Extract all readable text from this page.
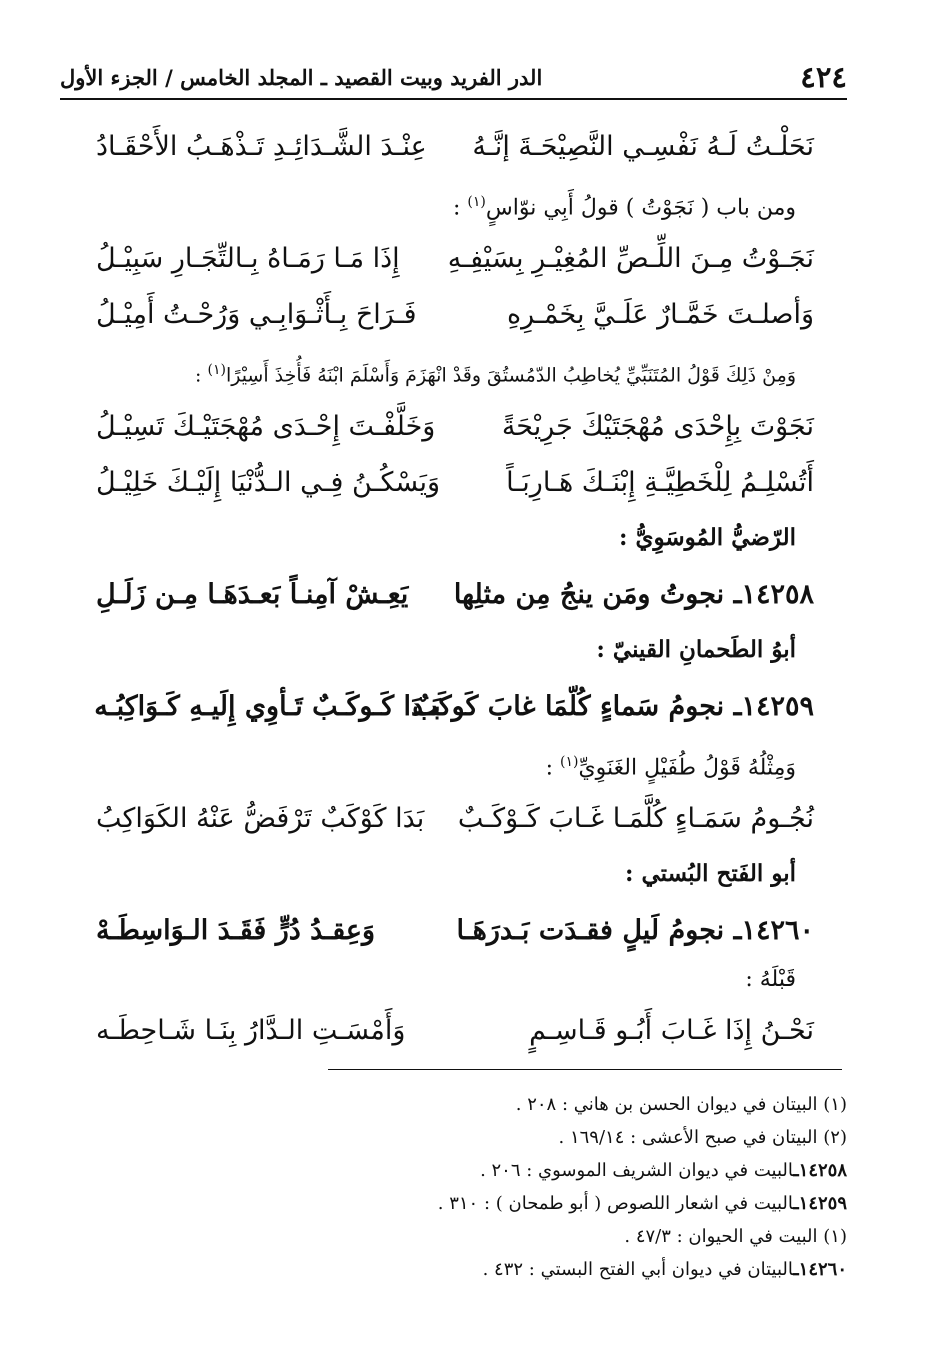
٤٢٤
الدر الفريد وبيت القصيد ـ المجلد الخامس / الجزء الأول
نَحَلْـتُ لَـهُ نَفْسِـي النَّصِيْحَـةَ إنَّـهُ
عِنْـدَ الشَّـدَائِـدِ تَـذْهَـبُ الأَحْقَـادُ
ومن باب ( نَجَوْتُ ) قولُ أَبِي نوّاسٍ$^{(١)}$ :
نَجَـوْتُ مِـنَ اللِّـصِّ المُغِيْـرِ بِسَيْفِـهِ
إِذَا مَـا رَمَـاهُ بِـالتِّجَـارِ سَبِيْـلُ
وَأصلـتَ خَمَّـارٌ عَلَـيَّ بِخَمْـرِهِ
فَـرَاحَ بِـأَثْـوَابِـي وَرُحْـتُ أَمِيْـلُ
وَمِنْ ذَلِكَ قَوْلُ المُتَنَبِّيِّ يُخاطِبُ الدّمُستُقَ وقَدْ انْهَزَمَ وَأَسْلَمَ ابْنَهُ فَأُخِذَ أَسِيْرًا$^{(١)}$ :
نَجَوْتَ بِإِحْدَى مُهْجَتَيْكَ جَرِيْحَةً
وَخَلَّفْـتَ إِحْـدَى مُهْجَتَيْـكَ تَسِيْـلُ
أَتُسْلِـمُ لِلْخَطِيَّـةِ إِبْنَـكَ هَـارِبَـاً
وَيَسْكُـنُ فِـي الـدُّنْيَا إِلَيْـكَ خَلِيْـلُ
الرّضيُّ المُوسَوِيُّ :
١٤٢٥٨ـ نجوتُ ومَن ينجُ مِن مثلِها
يَعِـشْ آمِنـاً بَعـدَهَـا مِـن زَلَـلِ
أبوُ الطَحمانِ القينيّ :
١٤٢٥٩ـ نجومُ سَماءٍ كُلّمَا غابَ كَوكَبٌ
بَـدَا كَـوكَـبٌ تَـأوِي إِلَيـهِ كَـوَاكِبُـه
وَمِثْلُهُ قَوْلُ طُفَيْلٍ الغَنَوِيِّ$^{(١)}$ :
نُجُـومُ سَمَـاءٍ كُلَّمَـا غَـابَ كَـوْكَـبٌ
بَدَا كَوْكَبٌ تَرْفَضُّ عَنْهُ الكَوَاكِبُ
أبو الفَتح البُستي :
١٤٢٦٠ـ نجومُ لَيلٍ فقـدَت بَـدرَهَـا
وَعِقـدُ دُرٍّ فَقَـدَ الـوَاسِطَـهْ
قَبْلَهُ :
نَحْـنُ إِذَا غَـابَ أَبُـو قَـاسِـمٍ
وَأَمْسَـتِ الـدَّارُ بِنَـا شَـاحِطَـه
(١) البيتان في ديوان الحسن بن هاني : ٢٠٨ .
(٢) البيتان في صبح الأعشى : ١٦٩/١٤ .
١٤٢٥٨ـالبيت في ديوان الشريف الموسوي : ٢٠٦ .
١٤٢٥٩ـالبيت في اشعار اللصوص ( أبو طمحان ) : ٣١٠ .
(١) البيت في الحيوان : ٤٧/٣ .
١٤٢٦٠ـالبيتان في ديوان أبي الفتح البستي : ٤٣٢ .
